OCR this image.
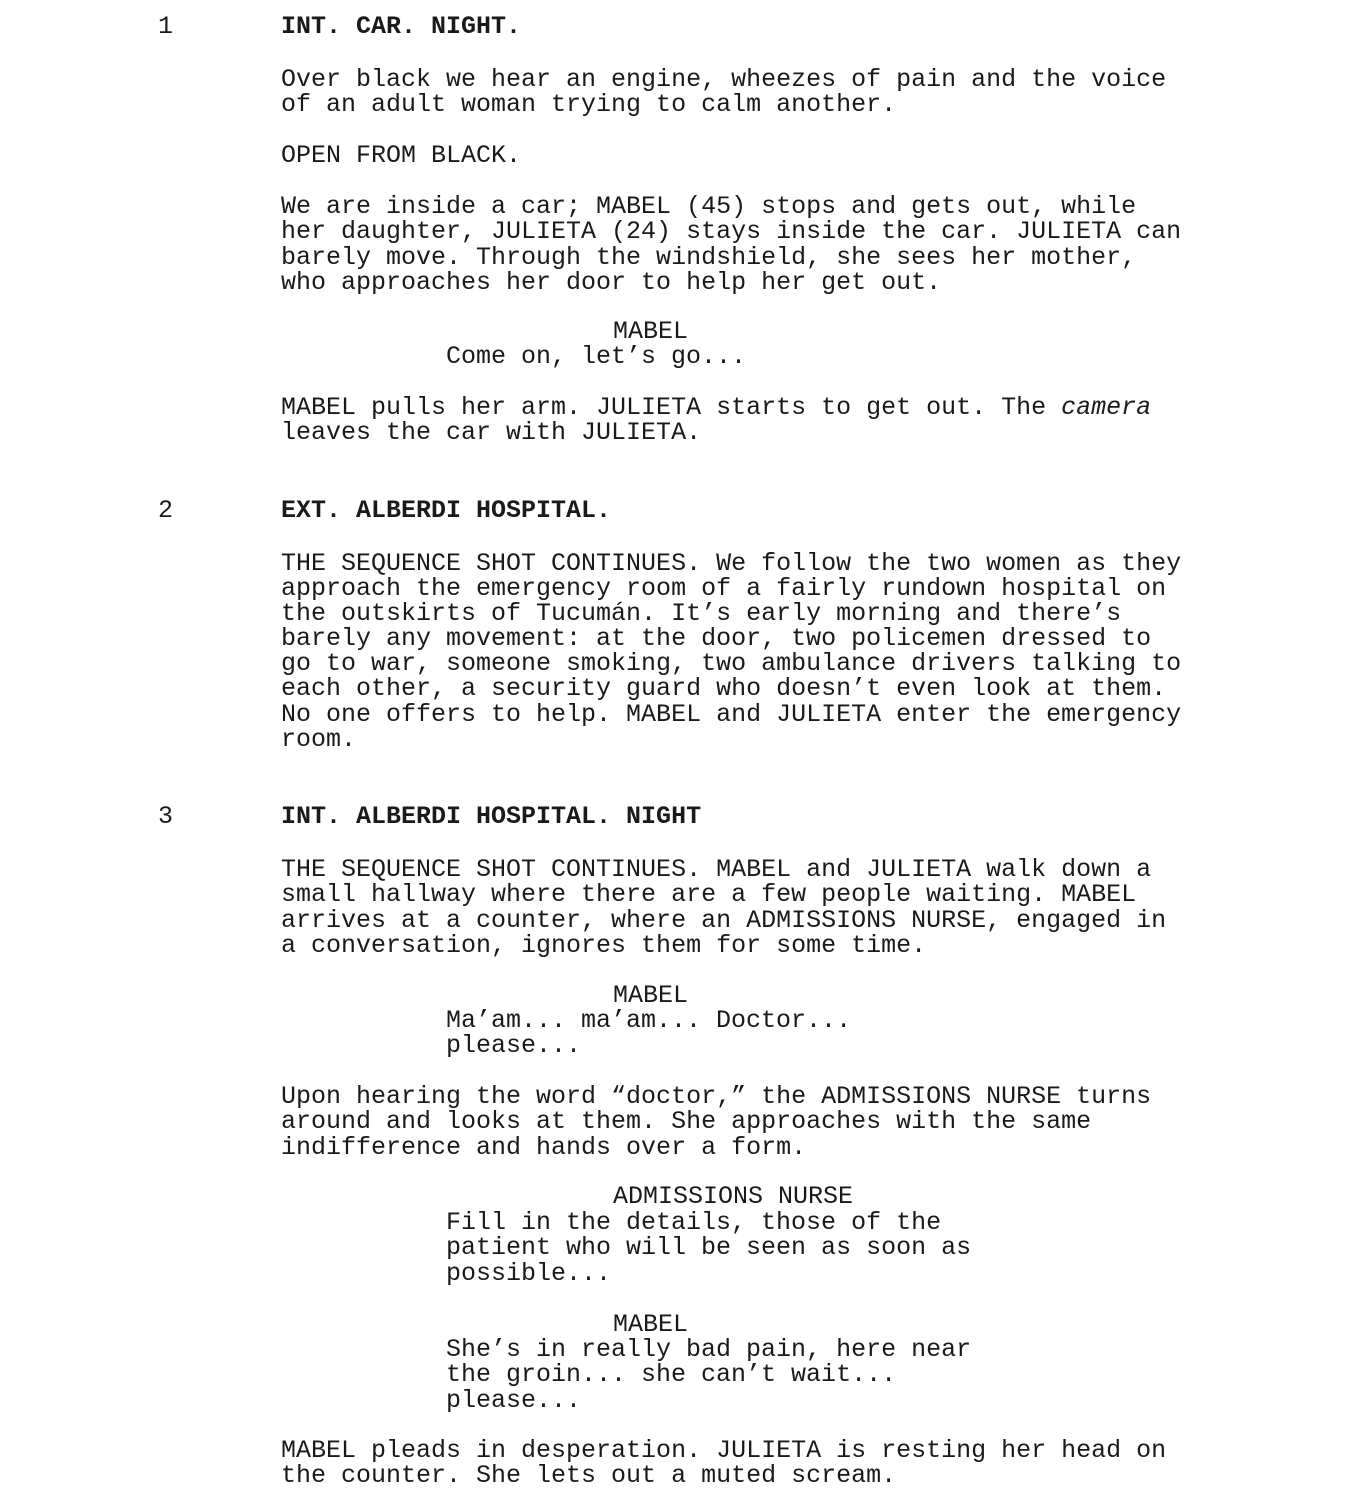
1	INT. CAR. NIGHT.
Over black we hear an engine, wheezes of pain and the voice
of an adult woman trying to calm another.
OPEN FROM BLACK.
We are inside a car; MABEL (45) stops and gets out, while
her daughter, JULIETA (24) stays inside the car. JULIETA can
barely move. Through the windshield, she sees her mother,
who approaches her door to help her get out.
MABEL
Come on, let’s go...
MABEL pulls her arm. JULIETA starts to get out. The camera
leaves the car with JULIETA.
2	EXT. ALBERDI HOSPITAL.
THE SEQUENCE SHOT CONTINUES. We follow the two women as they
approach the emergency room of a fairly rundown hospital on
the outskirts of Tucumán. It’s early morning and there’s
barely any movement: at the door, two policemen dressed to
go to war, someone smoking, two ambulance drivers talking to
each other, a security guard who doesn’t even look at them.
No one offers to help. MABEL and JULIETA enter the emergency
room.
3	INT. ALBERDI HOSPITAL. NIGHT
THE SEQUENCE SHOT CONTINUES. MABEL and JULIETA walk down a
small hallway where there are a few people waiting. MABEL
arrives at a counter, where an ADMISSIONS NURSE, engaged in
a conversation, ignores them for some time.
MABEL
Ma’am... ma’am... Doctor...
please...
Upon hearing the word “doctor,” the ADMISSIONS NURSE turns
around and looks at them. She approaches with the same
indifference and hands over a form.
ADMISSIONS NURSE
Fill in the details, those of the
patient who will be seen as soon as
possible...
MABEL
She’s in really bad pain, here near
the groin... she can’t wait...
please...
MABEL pleads in desperation. JULIETA is resting her head on
the counter. She lets out a muted scream.
